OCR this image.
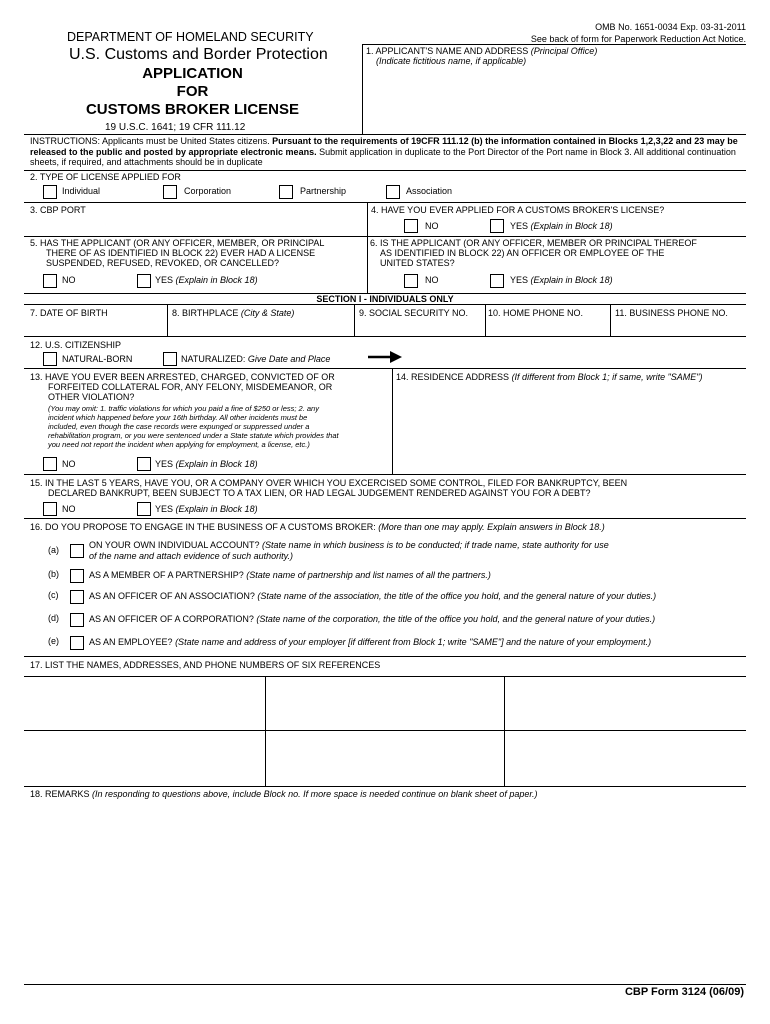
OMB No. 1651-0034 Exp. 03-31-2011
See back of form for Paperwork Reduction Act Notice.
DEPARTMENT OF HOMELAND SECURITY
U.S. Customs and Border Protection
APPLICATION
FOR
CUSTOMS BROKER LICENSE
19 U.S.C. 1641; 19 CFR 111.12
1. APPLICANT'S NAME AND ADDRESS (Principal Office)
(Indicate fictitious name, if applicable)
INSTRUCTIONS: Applicants must be United States citizens. Pursuant to the requirements of 19CFR 111.12 (b) the information contained in Blocks 1,2,3,22 and 23 may be released to the public and posted by appropriate electronic means. Submit application in duplicate to the Port Director of the Port name in Block 3. All additional continuation sheets, if required, and attachments should be in duplicate
2. TYPE OF LICENSE APPLIED FOR
Individual	Corporation	Partnership	Association
3. CBP PORT	4. HAVE YOU EVER APPLIED FOR A CUSTOMS BROKER'S LICENSE?
NO	YES (Explain in Block 18)
5. HAS THE APPLICANT (OR ANY OFFICER, MEMBER, OR PRINCIPAL
THERE OF AS IDENTIFIED IN BLOCK 22) EVER HAD A LICENSE
SUSPENDED, REFUSED, REVOKED, OR CANCELLED?
NO	YES (Explain in Block 18)
6. IS THE APPLICANT (OR ANY OFFICER, MEMBER OR PRINCIPAL THEREOF
AS IDENTIFIED IN BLOCK 22) AN OFFICER OR EMPLOYEE OF THE
UNITED STATES?
NO	YES (Explain in Block 18)
SECTION I - INDIVIDUALS ONLY
7. DATE OF BIRTH	8. BIRTHPLACE (City & State)	9. SOCIAL SECURITY NO. 10. HOME PHONE NO.	11. BUSINESS PHONE NO.
12. U.S. CITIZENSHIP
NATURAL-BORN	NATURALIZED: Give Date and Place
13. HAVE YOU EVER BEEN ARRESTED, CHARGED, CONVICTED OF OR
FORFEITED COLLATERAL FOR, ANY FELONY, MISDEMEANOR, OR
OTHER VIOLATION?
(You may omit: 1. traffic violations for which you paid a fine of $250 or less; 2. any
incident which happened before your 16th birthday. All other incidents must be
included, even though the case records were expunged or suppressed under a
rehabilitation program, or you were sentenced under a State statute which provides that
you need not report the incident when applying for employment, a license, etc.)
NO	YES (Explain in Block 18)
14. RESIDENCE ADDRESS (If different from Block 1; if same, write "SAME")
15. IN THE LAST 5 YEARS, HAVE YOU, OR A COMPANY OVER WHICH YOU EXCERCISED SOME CONTROL, FILED FOR BANKRUPTCY, BEEN
DECLARED BANKRUPT, BEEN SUBJECT TO A TAX LIEN, OR HAD LEGAL JUDGEMENT RENDERED AGAINST YOU FOR A DEBT?
NO	YES (Explain in Block 18)
16. DO YOU PROPOSE TO ENGAGE IN THE BUSINESS OF A CUSTOMS BROKER: (More than one may apply. Explain answers in Block 18.)
(a)	ON YOUR OWN INDIVIDUAL ACCOUNT? (State name in which business is to be conducted; if trade name, state authority for use
of the name and attach evidence of such authority.)
(b)	AS A MEMBER OF A PARTNERSHIP? (State name of partnership and list names of all the partners.)
(c)	AS AN OFFICER OF AN ASSOCIATION? (State name of the association, the title of the office you hold, and the general nature of your duties.)
(d)	AS AN OFFICER OF A CORPORATION? (State name of the corporation, the title of the office you hold, and the general nature of your duties.)
(e)	AS AN EMPLOYEE? (State name and address of your employer [if different from Block 1; write "SAME"] and the nature of your employment.)
17. LIST THE NAMES, ADDRESSES, AND PHONE NUMBERS OF SIX REFERENCES
18. REMARKS (In responding to questions above, include Block no. If more space is needed continue on blank sheet of paper.)
CBP Form 3124 (06/09)
